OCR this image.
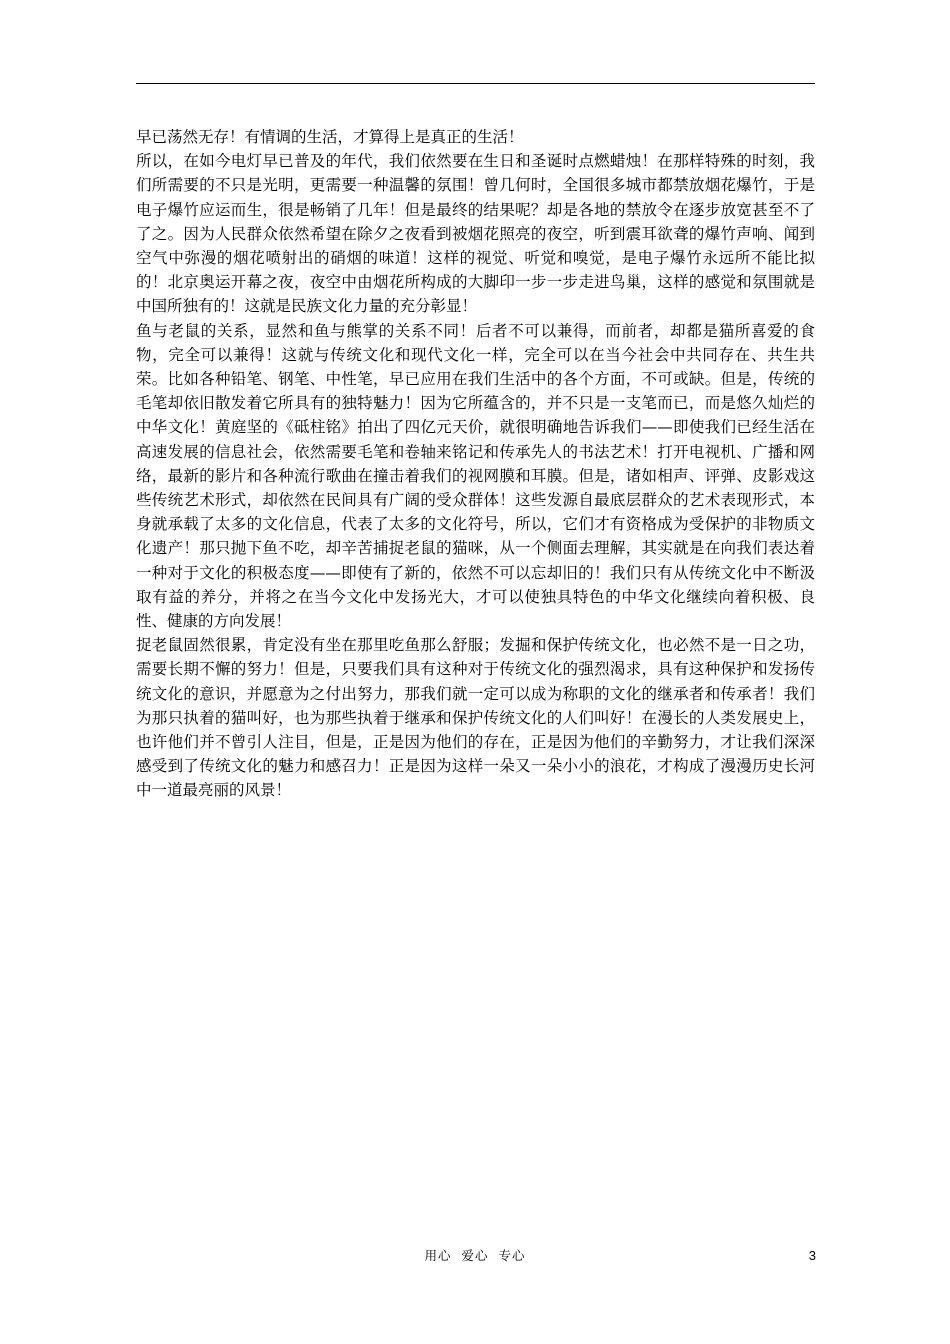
早已荡然无存！有情调的生活，才算得上是真正的生活！

所以，在如今电灯早已普及的年代，我们依然要在生日和圣诞时点燃蜡烛！在那样特殊的时刻，我们所需要的不只是光明，更需要一种温馨的氛围！曾几何时，全国很多城市都禁放烟花爆竹，于是电子爆竹应运而生，很是畅销了几年！但是最终的结果呢？却是各地的禁放令在逐步放宽甚至不了了之。因为人民群众依然希望在除夕之夜看到被烟花照亮的夜空，听到震耳欲聋的爆竹声响、闻到空气中弥漫的烟花喷射出的硝烟的味道！这样的视觉、听觉和嗅觉，是电子爆竹永远所不能比拟的！北京奥运开幕之夜，夜空中由烟花所构成的大脚印一步一步走进鸟巢，这样的感觉和氛围就是中国所独有的！这就是民族文化力量的充分彰显！

鱼与老鼠的关系，显然和鱼与熊掌的关系不同！后者不可以兼得，而前者，却都是猫所喜爱的食物，完全可以兼得！这就与传统文化和现代文化一样，完全可以在当今社会中共同存在、共生共荣。比如各种铅笔、钢笔、中性笔，早已应用在我们生活中的各个方面，不可或缺。但是，传统的毛笔却依旧散发着它所具有的独特魅力！因为它所蕴含的，并不只是一支笔而已，而是悠久灿烂的中华文化！黄庭坚的《砥柱铭》拍出了四亿元天价，就很明确地告诉我们——即使我们已经生活在高速发展的信息社会，依然需要毛笔和卷轴来铭记和传承先人的书法艺术！打开电视机、广播和网络，最新的影片和各种流行歌曲在撞击着我们的视网膜和耳膜。但是，诸如相声、评弹、皮影戏这些传统艺术形式，却依然在民间具有广阔的受众群体！这些发源自最底层群众的艺术表现形式，本身就承载了太多的文化信息，代表了太多的文化符号，所以，它们才有资格成为受保护的非物质文化遗产！那只抛下鱼不吃，却辛苦捕捉老鼠的猫咪，从一个侧面去理解，其实就是在向我们表达着一种对于文化的积极态度——即使有了新的，依然不可以忘却旧的！我们只有从传统文化中不断汲取有益的养分，并将之在当今文化中发扬光大，才可以使独具特色的中华文化继续向着积极、良性、健康的方向发展！

捉老鼠固然很累，肯定没有坐在那里吃鱼那么舒服；发掘和保护传统文化，也必然不是一日之功，需要长期不懈的努力！但是，只要我们具有这种对于传统文化的强烈渴求，具有这种保护和发扬传统文化的意识，并愿意为之付出努力，那我们就一定可以成为称职的文化的继承者和传承者！我们为那只执着的猫叫好，也为那些执着于继承和保护传统文化的人们叫好！在漫长的人类发展史上，也许他们并不曾引人注目，但是，正是因为他们的存在，正是因为他们的辛勤努力，才让我们深深感受到了传统文化的魅力和感召力！正是因为这样一朵又一朵小小的浪花，才构成了漫漫历史长河中一道最亮丽的风景！

用心  爱心  专心	3
